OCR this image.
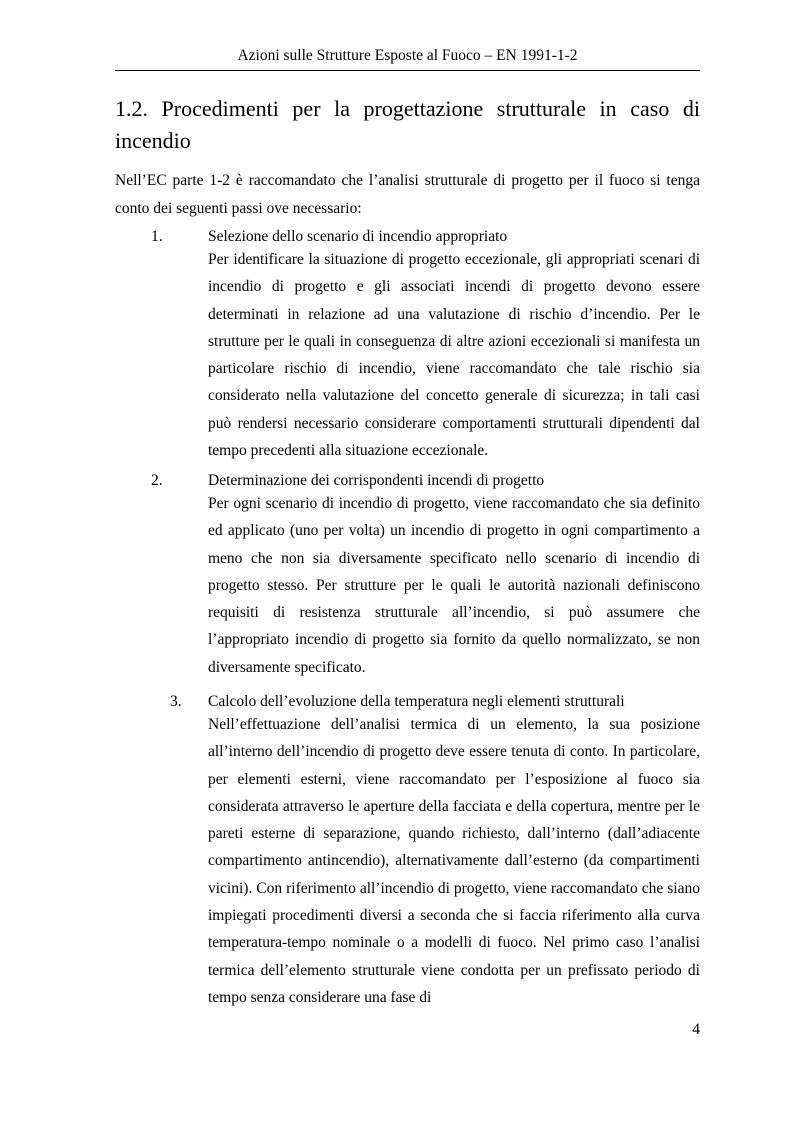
Azioni sulle Strutture Esposte al Fuoco – EN 1991-1-2
1.2. Procedimenti per la progettazione strutturale in caso di incendio
Nell’EC parte 1-2 è raccomandato che l’analisi strutturale di progetto per il fuoco si tenga conto dei seguenti passi ove necessario:
1.	Selezione dello scenario di incendio appropriato
Per identificare la situazione di progetto eccezionale, gli appropriati scenari di incendio di progetto e gli associati incendi di progetto devono essere determinati in relazione ad una valutazione di rischio d’incendio. Per le strutture per le quali in conseguenza di altre azioni eccezionali si manifesta un particolare rischio di incendio, viene raccomandato che tale rischio sia considerato nella valutazione del concetto generale di sicurezza; in tali casi può rendersi necessario considerare comportamenti strutturali dipendenti dal tempo precedenti alla situazione eccezionale.
2.	Determinazione dei corrispondenti incendi di progetto
Per ogni scenario di incendio di progetto, viene raccomandato che sia definito ed applicato (uno per volta) un incendio di progetto in ogni compartimento a meno che non sia diversamente specificato nello scenario di incendio di progetto stesso. Per strutture per le quali le autorità nazionali definiscono requisiti di resistenza strutturale all’incendio, si può assumere che l’appropriato incendio di progetto sia fornito da quello normalizzato, se non diversamente specificato.
3. Calcolo dell’evoluzione della temperatura negli elementi strutturali
Nell’effettuazione dell’analisi termica di un elemento, la sua posizione all’interno dell’incendio di progetto deve essere tenuta di conto. In particolare, per elementi esterni, viene raccomandato per l’esposizione al fuoco sia considerata attraverso le aperture della facciata e della copertura, mentre per le pareti esterne di separazione, quando richiesto, dall’interno (dall’adiacente compartimento antincendio), alternativamente dall’esterno (da compartimenti vicini). Con riferimento all’incendio di progetto, viene raccomandato che siano impiegati procedimenti diversi a seconda che si faccia riferimento alla curva temperatura-tempo nominale o a modelli di fuoco. Nel primo caso l’analisi termica dell’elemento strutturale viene condotta per un prefissato periodo di tempo senza considerare una fase di
4
